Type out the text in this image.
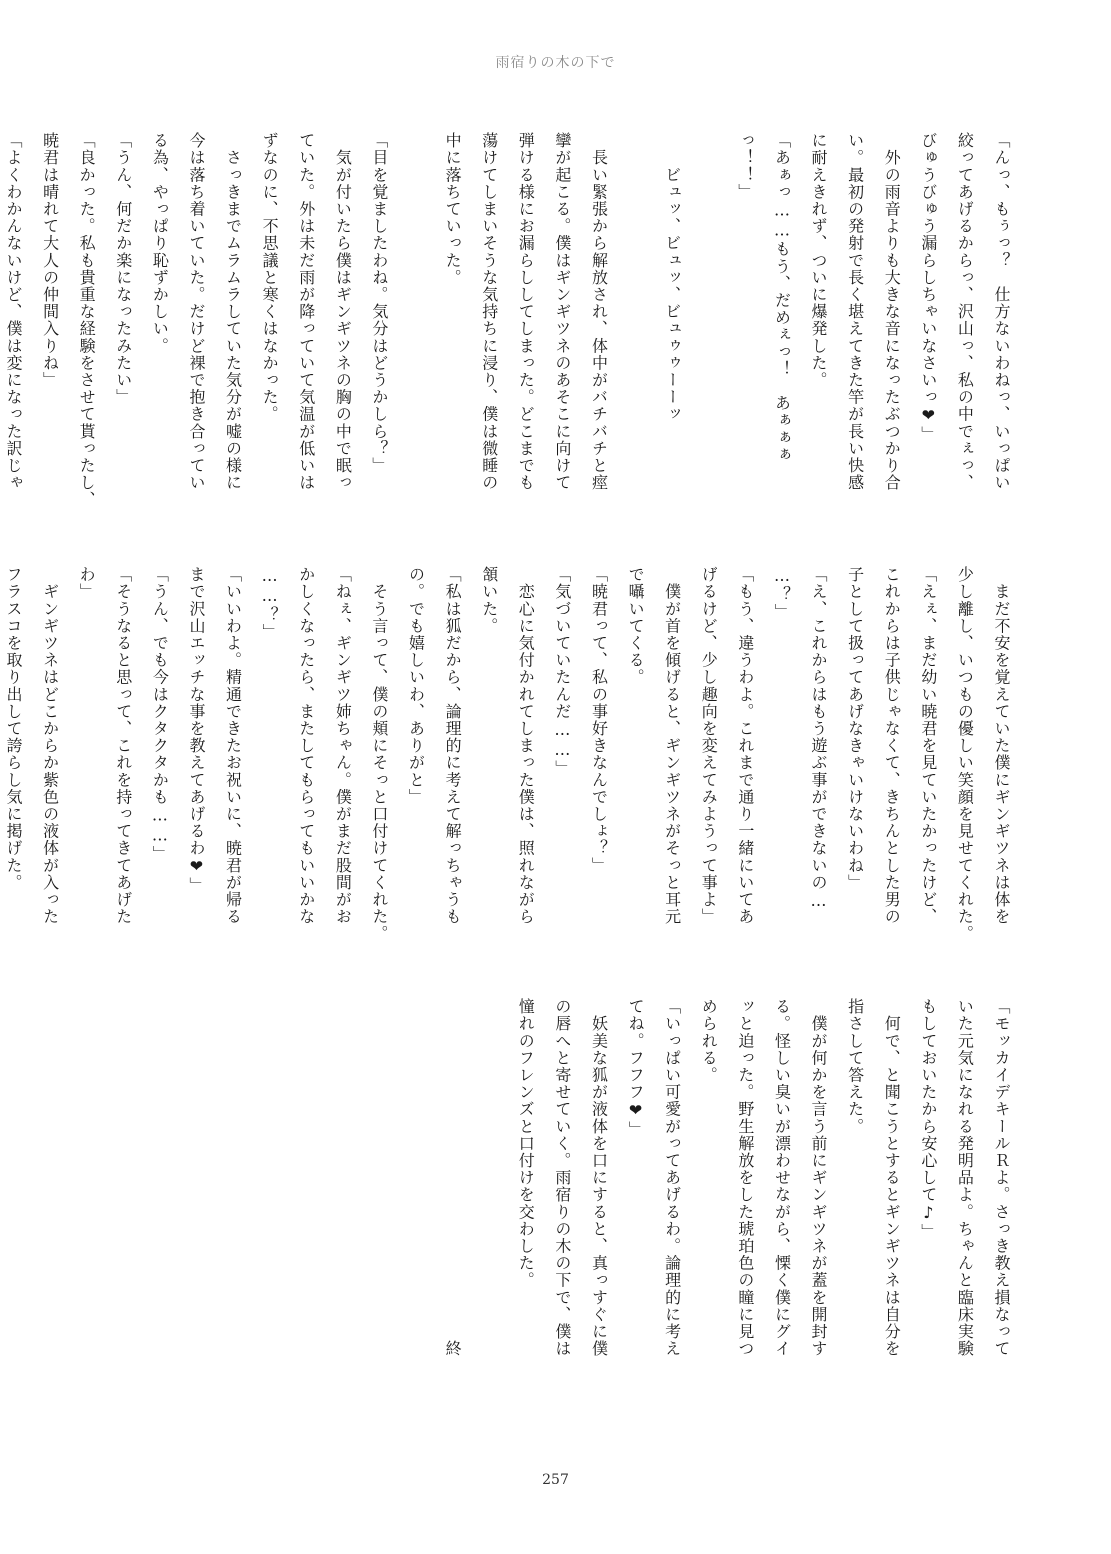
雨宿りの木の下で
「んっ、もぅっ？　仕方ないわねっ、いっぱい
絞ってあげるからっ、沢山っ、私の中でぇっ、
びゅうびゅう漏らしちゃいなさいっ❤」
　外の雨音よりも大きな音になったぶつかり合
い。最初の発射で長く堪えてきた竿が長い快感
に耐えきれず、ついに爆発した。
「あぁっ……もう、だめぇっ！　あぁぁぁ
っ！！」

　　ビュッ、ビュッ、ビュゥゥーーッ

　長い緊張から解放され、体中がバチバチと痙
攣が起こる。僕はギンギツネのあそこに向けて
弾ける様にお漏らししてしまった。どこまでも
蕩けてしまいそうな気持ちに浸り、僕は微睡の
中に落ちていった。

「目を覚ましたわね。気分はどうかしら？」
　気が付いたら僕はギンギツネの胸の中で眠っ
ていた。外は未だ雨が降っていて気温が低いは
ずなのに、不思議と寒くはなかった。
　さっきまでムラムラしていた気分が嘘の様に
今は落ち着いていた。だけど裸で抱き合ってい
る為、やっぱり恥ずかしい。
「うん、何だか楽になったみたい」
「良かった。私も貴重な経験をさせて貰ったし、
暁君は晴れて大人の仲間入りね」
「よくわかんないけど、僕は変になった訳じゃ
　まだ不安を覚えていた僕にギンギツネは体を
少し離し、いつもの優しい笑顔を見せてくれた。
「えぇ、まだ幼い暁君を見ていたかったけど、
これからは子供じゃなくて、きちんとした男の
子として扱ってあげなきゃいけないわね」
「え、これからはもう遊ぶ事ができないの…
…？」
「もう、違うわよ。これまで通り一緒にいてあ
げるけど、少し趣向を変えてみようって事よ」
　僕が首を傾げると、ギンギツネがそっと耳元
で囁いてくる。
「暁君って、私の事好きなんでしょ？」
「気づいていたんだ……」
　恋心に気付かれてしまった僕は、照れながら
頷いた。
「私は狐だから、論理的に考えて解っちゃうも
の。でも嬉しいわ、ありがと」
　そう言って、僕の頬にそっと口付けてくれた。
「ねぇ、ギンギツ姉ちゃん。僕がまだ股間がお
かしくなったら、またしてもらってもいいかな
……？」
「いいわよ。精通できたお祝いに、暁君が帰る
まで沢山エッチな事を教えてあげるわ❤」
「うん、でも今はクタクタかも……」
「そうなると思って、これを持ってきてあげた
わ」
　ギンギツネはどこからか紫色の液体が入った
フラスコを取り出して誇らし気に掲げた。
「モッカイデキールＲよ。さっき教え損なって
いた元気になれる発明品よ。ちゃんと臨床実験
もしておいたから安心して♪」
　何で、と聞こうとするとギンギツネは自分を
指さして答えた。
　僕が何かを言う前にギンギツネが蓋を開封す
る。怪しい臭いが漂わせながら、慄く僕にグイ
ッと迫った。野生解放をした琥珀色の瞳に見つ
められる。
「いっぱい可愛がってあげるわ。論理的に考え
てね。フフフ❤」
　妖美な狐が液体を口にすると、真っすぐに僕
の唇へと寄せていく。雨宿りの木の下で、僕は
憧れのフレンズと口付けを交わした。

　　　　　　　　　　　　　　　　　　　　終
257
